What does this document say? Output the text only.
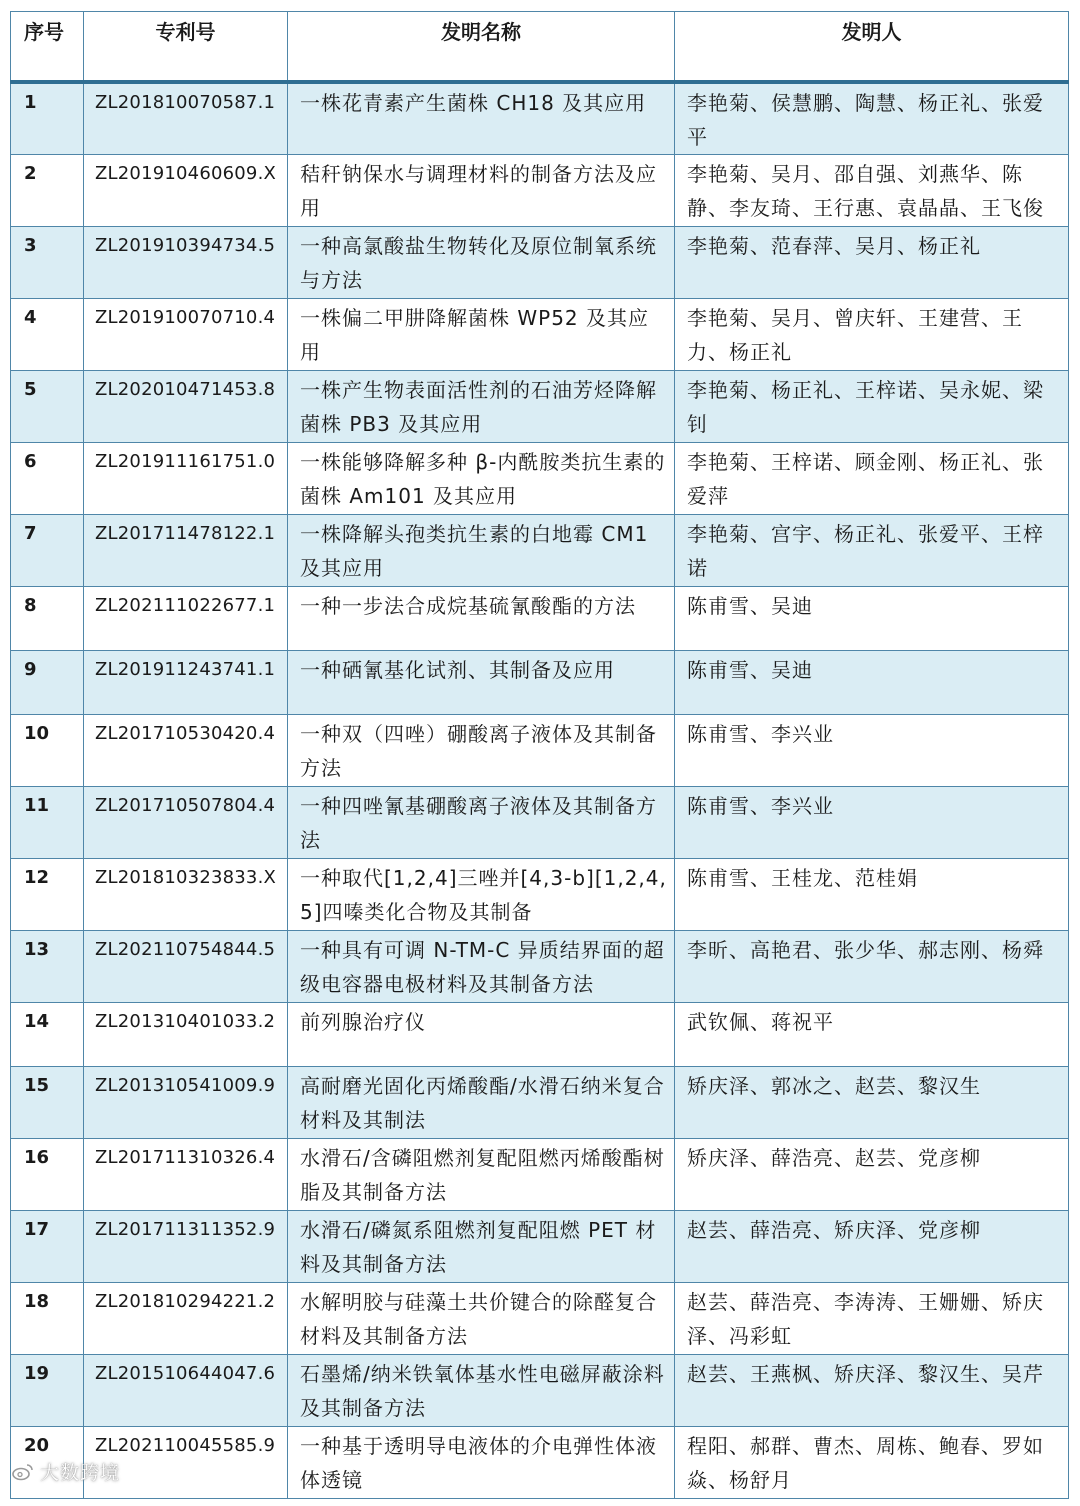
序号	专利号	发明名称	发明人
1	ZL201810070587.1	一株花青素产生菌株 CH18 及其应用	李艳菊、侯慧鹏、陶慧、杨正礼、张爱平
2	ZL201910460609.X	秸秆钠保水与调理材料的制备方法及应用	李艳菊、吴月、邵自强、刘燕华、陈静、李友琦、王行惠、袁晶晶、王飞俊
3	ZL201910394734.5	一种高氯酸盐生物转化及原位制氧系统与方法	李艳菊、范春萍、吴月、杨正礼
4	ZL201910070710.4	一株偏二甲肼降解菌株 WP52 及其应用	李艳菊、吴月、曾庆轩、王建营、王力、杨正礼
5	ZL202010471453.8	一株产生物表面活性剂的石油芳烃降解菌株 PB3 及其应用	李艳菊、杨正礼、王梓诺、吴永妮、梁钊
6	ZL201911161751.0	一株能够降解多种 β-内酰胺类抗生素的菌株 Am101 及其应用	李艳菊、王梓诺、顾金刚、杨正礼、张爱萍
7	ZL201711478122.1	一株降解头孢类抗生素的白地霉 CM1 及其应用	李艳菊、宫宇、杨正礼、张爱平、王梓诺
8	ZL202111022677.1	一种一步法合成烷基硫氰酸酯的方法	陈甫雪、吴迪
9	ZL201911243741.1	一种硒氰基化试剂、其制备及应用	陈甫雪、吴迪
10	ZL201710530420.4	一种双（四唑）硼酸离子液体及其制备方法	陈甫雪、李兴业
11	ZL201710507804.4	一种四唑氰基硼酸离子液体及其制备方法	陈甫雪、李兴业
12	ZL201810323833.X	一种取代[1,2,4]三唑并[4,3-b][1,2,4,5]四嗪类化合物及其制备	陈甫雪、王桂龙、范桂娟
13	ZL202110754844.5	一种具有可调 N-TM-C 异质结界面的超级电容器电极材料及其制备方法	李昕、高艳君、张少华、郝志刚、杨舜
14	ZL201310401033.2	前列腺治疗仪	武钦佩、蒋祝平
15	ZL201310541009.9	高耐磨光固化丙烯酸酯/水滑石纳米复合材料及其制法	矫庆泽、郭冰之、赵芸、黎汉生
16	ZL201711310326.4	水滑石/含磷阻燃剂复配阻燃丙烯酸酯树脂及其制备方法	矫庆泽、薛浩亮、赵芸、党彦柳
17	ZL201711311352.9	水滑石/磷氮系阻燃剂复配阻燃 PET 材料及其制备方法	赵芸、薛浩亮、矫庆泽、党彦柳
18	ZL201810294221.2	水解明胶与硅藻土共价键合的除醛复合材料及其制备方法	赵芸、薛浩亮、李涛涛、王姗姗、矫庆泽、冯彩虹
19	ZL201510644047.6	石墨烯/纳米铁氧体基水性电磁屏蔽涂料及其制备方法	赵芸、王燕枫、矫庆泽、黎汉生、吴芹
20	ZL202110045585.9	一种基于透明导电液体的介电弹性体液体透镜	程阳、郝群、曹杰、周栋、鲍春、罗如焱、杨舒月
大数跨境
